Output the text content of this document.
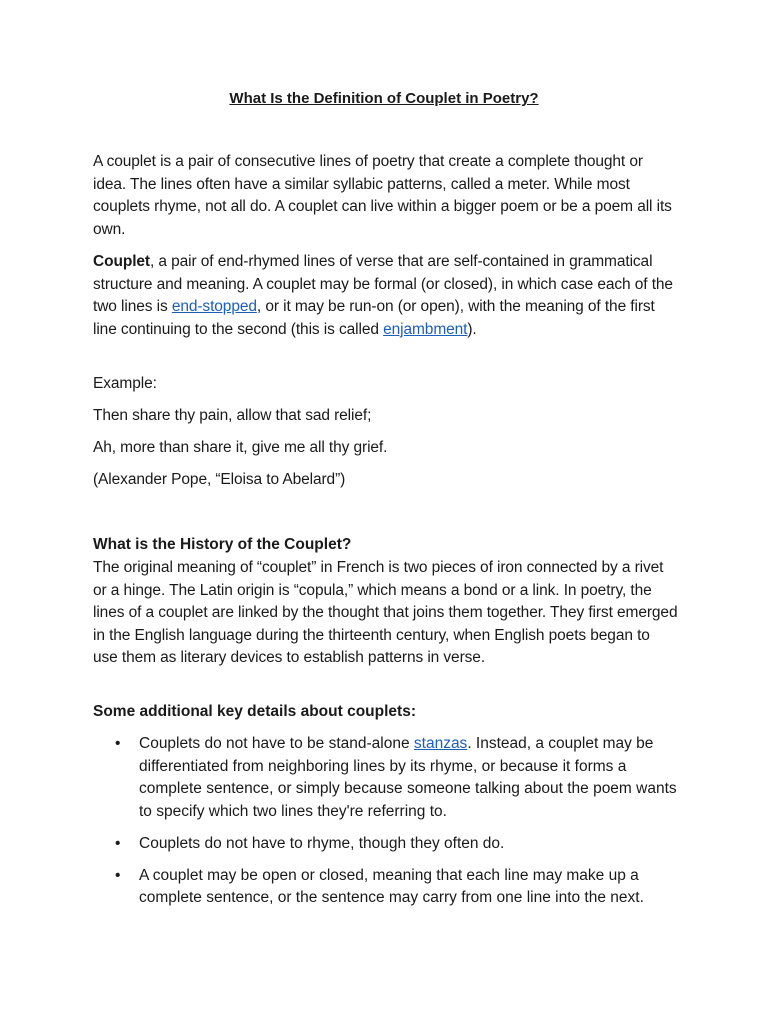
What Is the Definition of Couplet in Poetry?

A couplet is a pair of consecutive lines of poetry that create a complete thought or idea. The lines often have a similar syllabic patterns, called a meter. While most couplets rhyme, not all do. A couplet can live within a bigger poem or be a poem all its own.

Couplet, a pair of end-rhymed lines of verse that are self-contained in grammatical structure and meaning. A couplet may be formal (or closed), in which case each of the two lines is end-stopped, or it may be run-on (or open), with the meaning of the first line continuing to the second (this is called enjambment).

Example:

Then share thy pain, allow that sad relief;

Ah, more than share it, give me all thy grief.

(Alexander Pope, “Eloisa to Abelard”)

What is the History of the Couplet?

The original meaning of “couplet” in French is two pieces of iron connected by a rivet or a hinge. The Latin origin is “copula,” which means a bond or a link. In poetry, the lines of a couplet are linked by the thought that joins them together. They first emerged in the English language during the thirteenth century, when English poets began to use them as literary devices to establish patterns in verse.

Some additional key details about couplets:

• Couplets do not have to be stand-alone stanzas. Instead, a couplet may be differentiated from neighboring lines by its rhyme, or because it forms a complete sentence, or simply because someone talking about the poem wants to specify which two lines they're referring to.
• Couplets do not have to rhyme, though they often do.
• A couplet may be open or closed, meaning that each line may make up a complete sentence, or the sentence may carry from one line into the next.
